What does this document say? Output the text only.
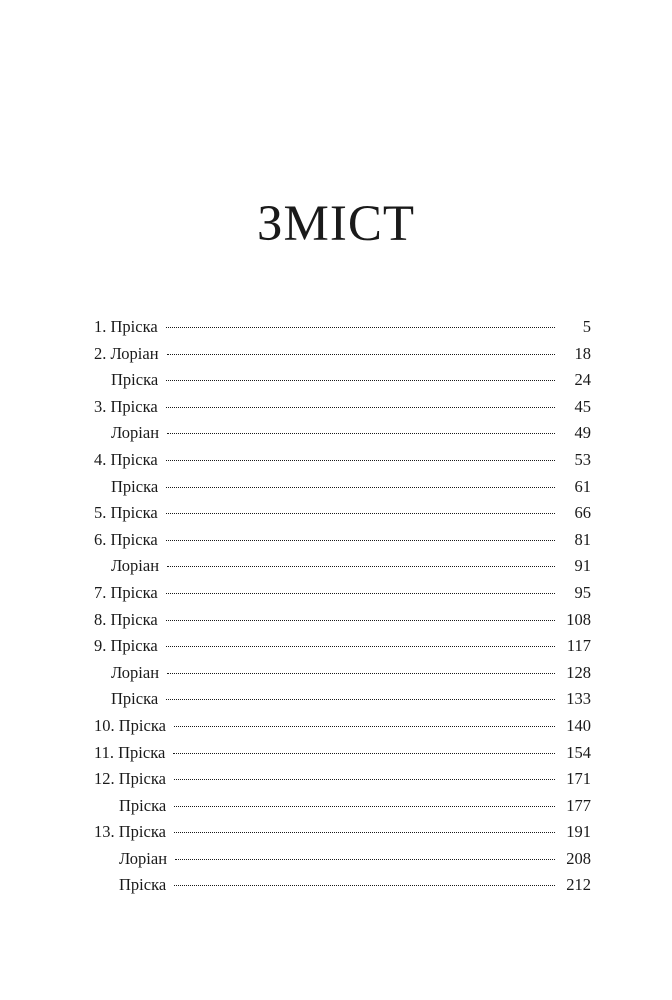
ЗМІСТ
1. Пріска	5
2. Лоріан	18
Пріска	24
3. Пріска	45
Лоріан	49
4. Пріска	53
Пріска	61
5. Пріска	66
6. Пріска	81
Лоріан	91
7. Пріска	95
8. Пріска	108
9. Пріска	117
Лоріан	128
Пріска	133
10. Пріска	140
11. Пріска	154
12. Пріска	171
Пріска	177
13. Пріска	191
Лоріан	208
Пріска	212
